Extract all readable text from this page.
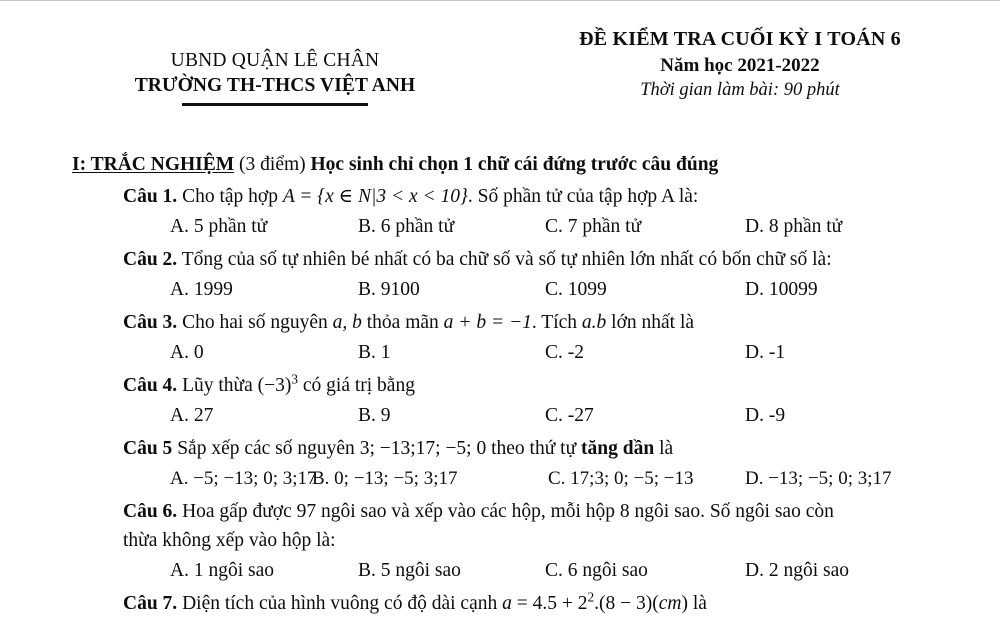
UBND QUẬN LÊ CHÂN
TRƯỜNG TH-THCS VIỆT ANH
ĐỀ KIỂM TRA CUỐI KỲ I TOÁN 6
Năm học 2021-2022
Thời gian làm bài: 90 phút
I: TRẮC NGHIỆM (3 điểm) Học sinh chỉ chọn 1 chữ cái đứng trước câu đúng
Câu 1. Cho tập hợp A = {x ∈ N|3 < x < 10}. Số phần tử của tập hợp A là:
A. 5 phần tử	B. 6 phần tử	C. 7 phần tử	D. 8 phần tử
Câu 2. Tổng của số tự nhiên bé nhất có ba chữ số và số tự nhiên lớn nhất có bốn chữ số là:
A. 1999	B. 9100	C. 1099	D. 10099
Câu 3. Cho hai số nguyên a, b thỏa mãn a + b = −1. Tích a.b lớn nhất là
A. 0	B. 1	C. -2	D. -1
Câu 4. Lũy thừa $(-3)^3$ có giá trị bằng
A. 27	B. 9	C. -27	D. -9
Câu 5 Sắp xếp các số nguyên 3; −13;17; −5; 0 theo thứ tự tăng dần là
A. −5; −13; 0; 3;17
B. 0; −13; −5; 3;17	C. 17;3; 0; −5; −13	D. −13; −5; 0; 3;17
Câu 6. Hoa gấp được 97 ngôi sao và xếp vào các hộp, mỗi hộp 8 ngôi sao. Số ngôi sao còn
thừa không xếp vào hộp là:
A. 1 ngôi sao	B. 5 ngôi sao	C. 6 ngôi sao	D. 2 ngôi sao
Câu 7. Diện tích của hình vuông có độ dài cạnh $a = 4.5 + 2^2.(8 - 3)(cm)$ là
